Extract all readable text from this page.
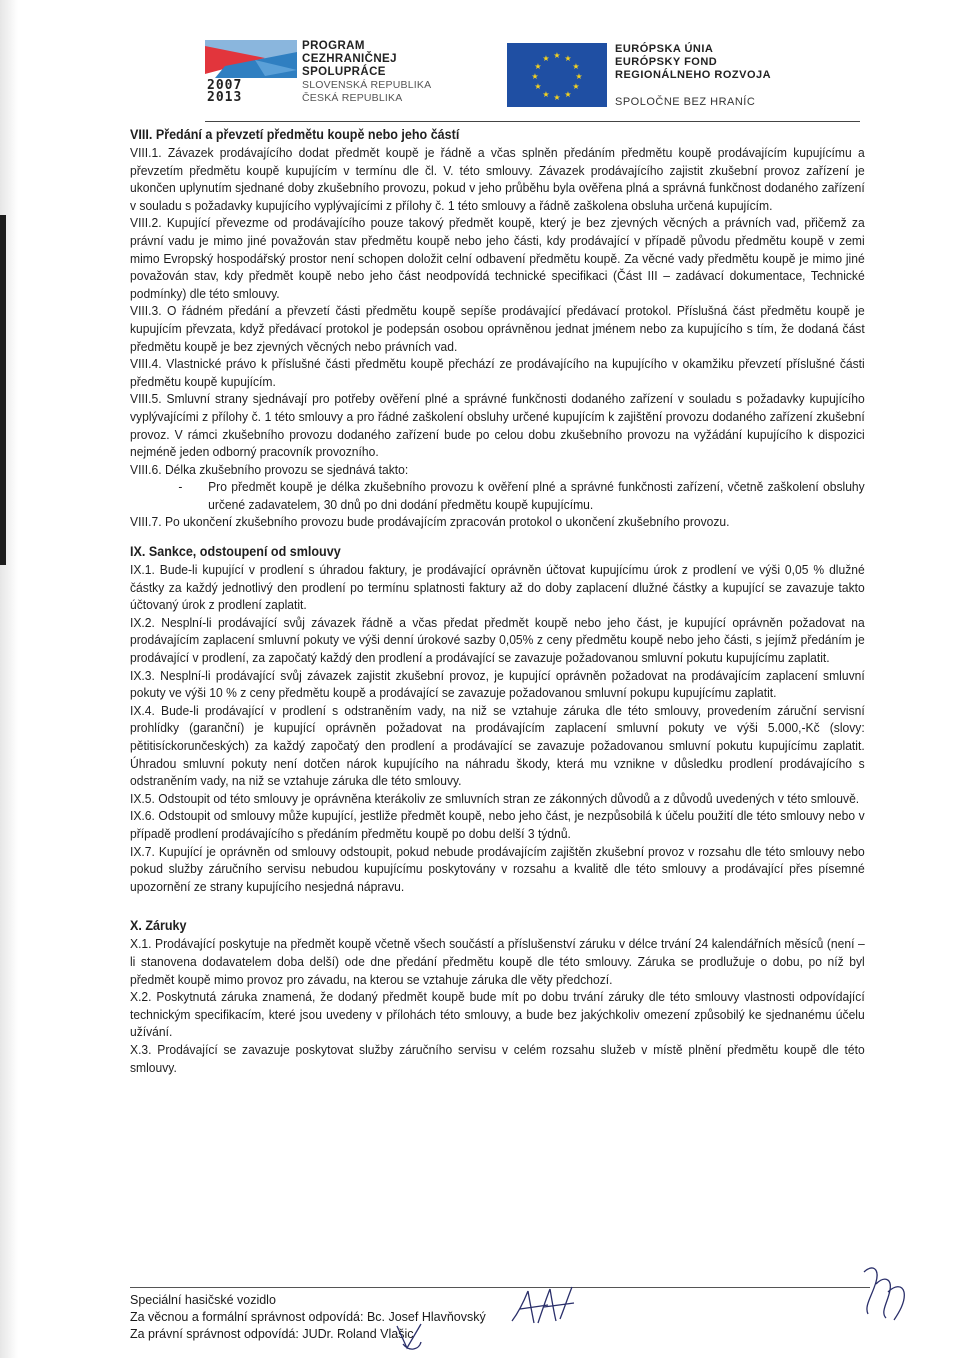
2007
2013
PROGRAM
CEZHRANIČNEJ
SPOLUPRÁCE
SLOVENSKÁ REPUBLIKA
ČESKÁ REPUBLIKA
★ ★
★
★
★
★
★
★
★
★
★
★
EURÓPSKA ÚNIA
EURÓPSKY FOND
REGIONÁLNEHO ROZVOJA
SPOLOČNE BEZ HRANÍC
VIII. Předání a převzetí předmětu koupě nebo jeho částí

VIII.1. Závazek prodávajícího dodat předmět koupě je řádně a včas splněn předáním předmětu koupě prodávajícím kupujícímu a převzetím předmětu koupě kupujícím v termínu dle čl. V. této smlouvy. Závazek prodávajícího zajistit zkušební provoz zařízení je ukončen uplynutím sjednané doby zkušebního provozu, pokud v jeho průběhu byla ověřena plná a správná funkčnost dodaného zařízení v souladu s požadavky kupujícího vyplývajícími z přílohy č. 1 této smlouvy a řádně zaškolena obsluha určená kupujícím.

VIII.2. Kupující převezme od prodávajícího pouze takový předmět koupě, který je bez zjevných věcných a právních vad, přičemž za právní vadu je mimo jiné považován stav předmětu koupě nebo jeho části, kdy prodávající v případě původu předmětu koupě v zemi mimo Evropský hospodářský prostor není schopen doložit celní odbavení předmětu koupě. Za věcné vady předmětu koupě je mimo jiné považován stav, kdy předmět koupě nebo jeho část neodpovídá technické specifikaci (Část III – zadávací dokumentace, Technické podmínky) dle této smlouvy.

VIII.3. O řádném předání a převzetí části předmětu koupě sepíše prodávající předávací protokol. Příslušná část předmětu koupě je kupujícím převzata, když předávací protokol je podepsán osobou oprávněnou jednat jménem nebo za kupujícího s tím, že dodaná část předmětu koupě je bez zjevných věcných nebo právních vad.

VIII.4. Vlastnické právo k příslušné části předmětu koupě přechází ze prodávajícího na kupujícího v okamžiku převzetí příslušné části předmětu koupě kupujícím.

VIII.5. Smluvní strany sjednávají pro potřeby ověření plné a správné funkčnosti dodaného zařízení v souladu s požadavky kupujícího vyplývajícími z přílohy č. 1 této smlouvy a pro řádné zaškolení obsluhy určené kupujícím k zajištění provozu dodaného zařízení zkušební provoz. V rámci zkušebního provozu dodaného zařízení bude po celou dobu zkušebního provozu na vyžádání kupujícího k dispozici nejméně jeden odborný pracovník provozního.

VIII.6. Délka zkušebního provozu se sjednává takto:

-	Pro předmět koupě je délka zkušebního provozu k ověření plné a správné funkčnosti zařízení, včetně zaškolení obsluhy určené zadavatelem, 30 dnů po dni dodání předmětu koupě kupujícímu.

VIII.7. Po ukončení zkušebního provozu bude prodávajícím zpracován protokol o ukončení zkušebního provozu.

IX. Sankce, odstoupení od smlouvy

IX.1. Bude-li kupující v prodlení s úhradou faktury, je prodávající oprávněn účtovat kupujícímu úrok z prodlení ve výši 0,05 % dlužné částky za každý jednotlivý den prodlení po termínu splatnosti faktury až do doby zaplacení dlužné částky a kupující se zavazuje takto účtovaný úrok z prodlení zaplatit.

IX.2. Nesplní-li prodávající svůj závazek řádně a včas předat předmět koupě nebo jeho část, je kupující oprávněn požadovat na prodávajícím zaplacení smluvní pokuty ve výši denní úrokové sazby 0,05% z ceny předmětu koupě nebo jeho části, s jejímž předáním je prodávající v prodlení, za započatý každý den prodlení a prodávající se zavazuje požadovanou smluvní pokutu kupujícímu zaplatit.

IX.3. Nesplní-li prodávající svůj závazek zajistit zkušební provoz, je kupující oprávněn požadovat na prodávajícím zaplacení smluvní pokuty ve výši 10 % z ceny předmětu koupě a prodávající se zavazuje požadovanou smluvní pokupu kupujícímu zaplatit.

IX.4. Bude-li prodávající v prodlení s odstraněním vady, na niž se vztahuje záruka dle této smlouvy, provedením záruční servisní prohlídky (garanční) je kupující oprávněn požadovat na prodávajícím zaplacení smluvní pokuty ve výši 5.000,-Kč (slovy: pětitisíckorunčeských) za každý započatý den prodlení a prodávající se zavazuje požadovanou smluvní pokutu kupujícímu zaplatit. Úhradou smluvní pokuty není dotčen nárok kupujícího na náhradu škody, která mu vznikne v důsledku prodlení prodávajícího s odstraněním vady, na niž se vztahuje záruka dle této smlouvy.

IX.5. Odstoupit od této smlouvy je oprávněna kterákoliv ze smluvních stran ze zákonných důvodů a z důvodů uvedených v této smlouvě.

IX.6. Odstoupit od smlouvy může kupující, jestliže předmět koupě, nebo jeho část, je nezpůsobilá k účelu použití dle této smlouvy nebo v případě prodlení prodávajícího s předáním předmětu koupě po dobu delší 3 týdnů.

IX.7. Kupující je oprávněn od smlouvy odstoupit, pokud nebude prodávajícím zajištěn zkušební provoz v rozsahu dle této smlouvy nebo pokud služby záručního servisu nebudou kupujícímu poskytovány v rozsahu a kvalitě dle této smlouvy a prodávající přes písemné upozornění ze strany kupujícího nesjedná nápravu.

X. Záruky

X.1. Prodávající poskytuje na předmět koupě včetně všech součástí a příslušenství záruku v délce trvání 24 kalendářních měsíců (není –li stanovena dodavatelem doba delší) ode dne předání předmětu koupě dle této smlouvy. Záruka se prodlužuje o dobu, po níž byl předmět koupě mimo provoz pro závadu, na kterou se vztahuje záruka dle věty předchozí.

X.2. Poskytnutá záruka znamená, že dodaný předmět koupě bude mít po dobu trvání záruky dle této smlouvy vlastnosti odpovídající technickým specifikacím, které jsou uvedeny v přílohách této smlouvy, a bude bez jakýchkoliv omezení způsobilý ke sjednanému účelu užívání.

X.3. Prodávající se zavazuje poskytovat služby záručního servisu v celém rozsahu služeb v místě plnění předmětu koupě dle této smlouvy.

Speciální hasičské vozidlo
Za věcnou a formální správnost odpovídá: Bc. Josef Hlavňovský
Za právní správnost odpovídá: JUDr. Roland Vlašic
